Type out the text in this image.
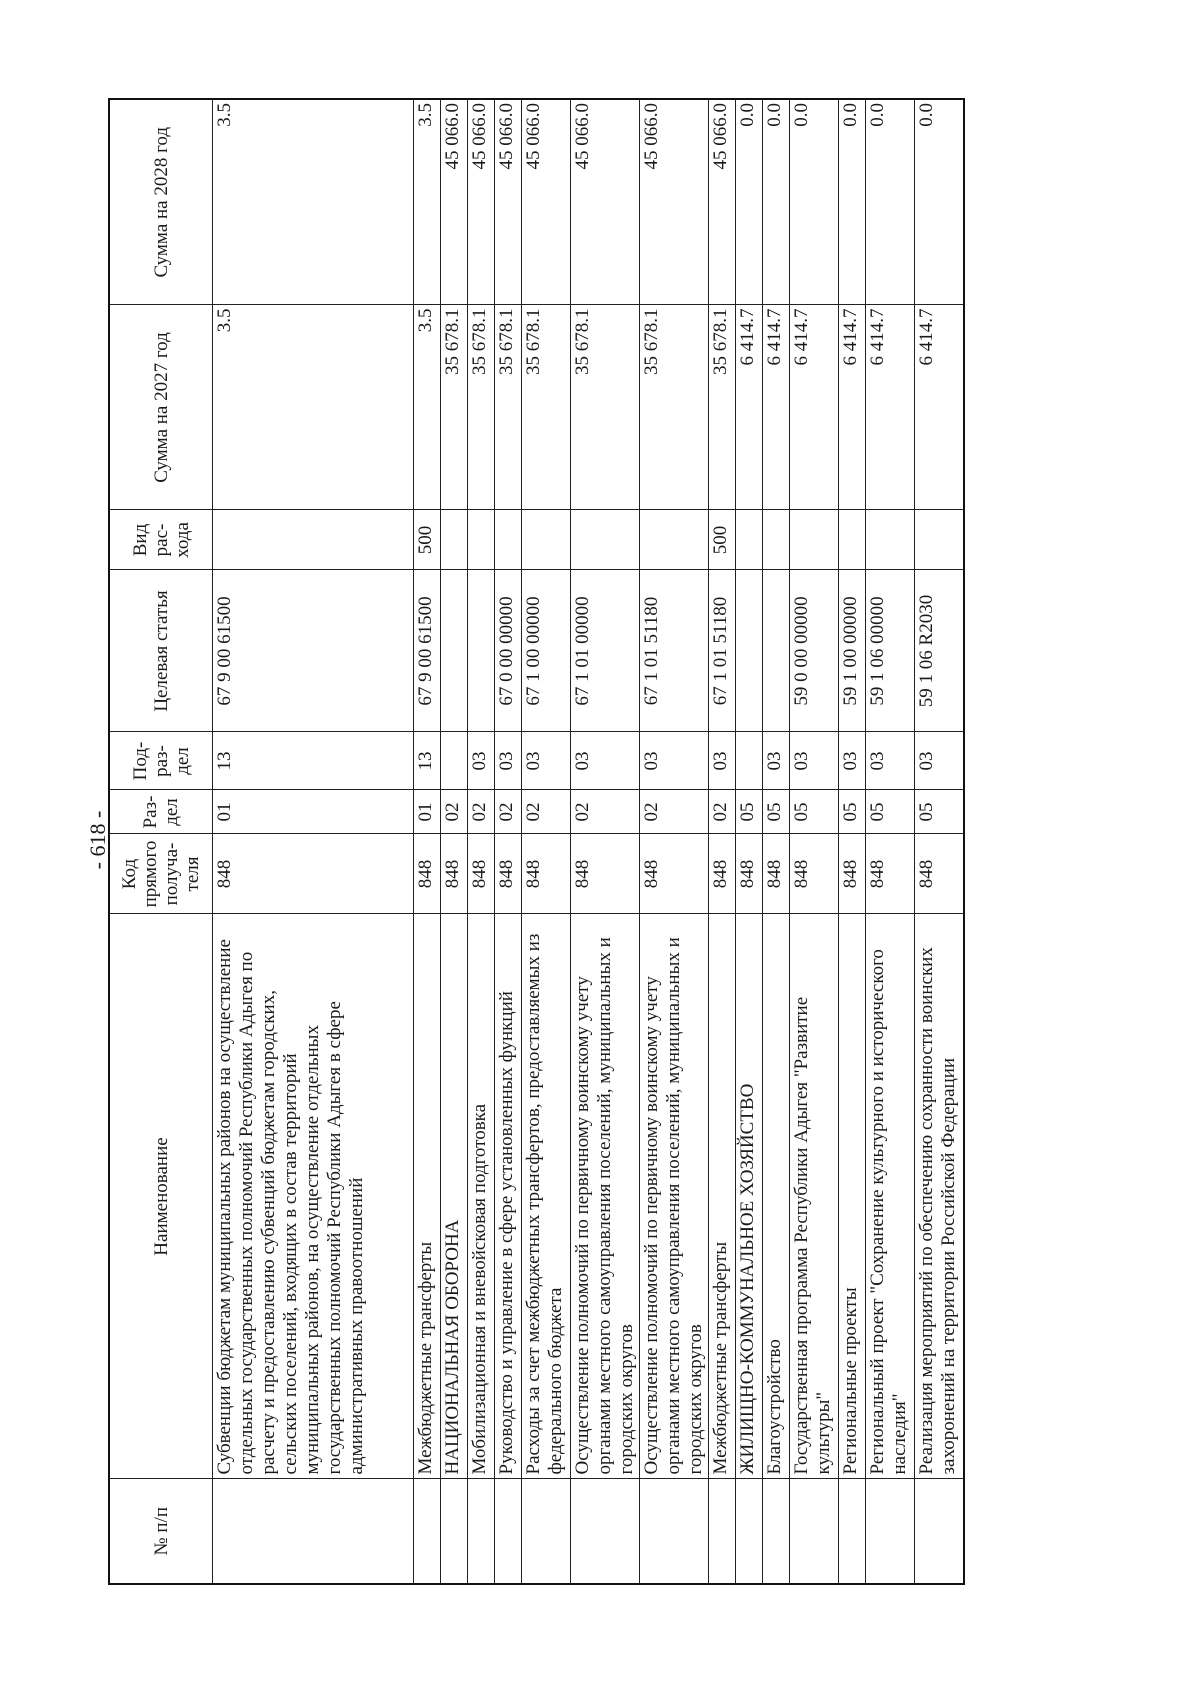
- 618 -
№ п/п	Наименование	Код прямого получа-теля	Раз-дел	Под-раз-дел	Целевая статья	Вид рас-хода	Сумма на 2027 год	Сумма на 2028 год
	Субвенции бюджетам муниципальных районов на осуществление отдельных государственных полномочий Республики Адыгея по расчету и предоставлению субвенций бюджетам городских, сельских поселений, входящих в состав территорий муниципальных районов, на осуществление отдельных государственных полномочий Республики Адыгея в сфере административных правоотношений	848	01	13	67 9 00 61500		3.5	3.5
	Межбюджетные трансферты	848	01	13	67 9 00 61500	500	3.5	3.5
	НАЦИОНАЛЬНАЯ ОБОРОНА	848	02				35 678.1	45 066.0
	Мобилизационная и вневойсковая подготовка	848	02	03			35 678.1	45 066.0
	Руководство и управление в сфере установленных функций	848	02	03	67 0 00 00000		35 678.1	45 066.0
	Расходы за счет межбюджетных трансфертов, предоставляемых из федерального бюджета	848	02	03	67 1 00 00000		35 678.1	45 066.0
	Осуществление полномочий по первичному воинскому учету органами местного самоуправления поселений, муниципальных и городских округов	848	02	03	67 1 01 00000		35 678.1	45 066.0
	Осуществление полномочий по первичному воинскому учету органами местного самоуправления поселений, муниципальных и городских округов	848	02	03	67 1 01 51180		35 678.1	45 066.0
	Межбюджетные трансферты	848	02	03	67 1 01 51180	500	35 678.1	45 066.0
	ЖИЛИЩНО-КОММУНАЛЬНОЕ ХОЗЯЙСТВО	848	05				6 414.7	0.0
	Благоустройство	848	05	03			6 414.7	0.0
	Государственная программа Республики Адыгея "Развитие культуры"	848	05	03	59 0 00 00000		6 414.7	0.0
	Региональные проекты	848	05	03	59 1 00 00000		6 414.7	0.0
	Региональный проект "Сохранение культурного и исторического наследия"	848	05	03	59 1 06 00000		6 414.7	0.0
	Реализация мероприятий по обеспечению сохранности воинских захоронений на территории Российской Федерации	848	05	03	59 1 06 R2030		6 414.7	0.0
